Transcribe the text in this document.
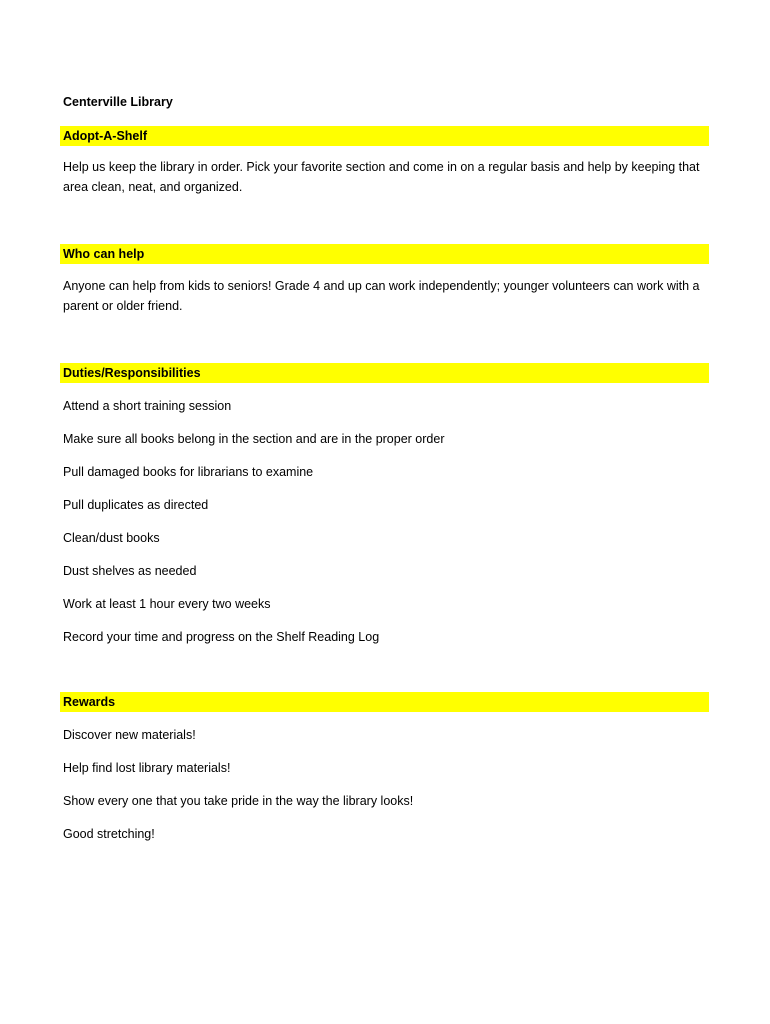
Centerville Library
Adopt-A-Shelf
Help us keep the library in order. Pick your favorite section and come in on a regular basis and help by keeping that area clean, neat, and organized.
Who can help
Anyone can help from kids to seniors! Grade 4 and up can work independently; younger volunteers can work with a parent or older friend.
Duties/Responsibilities
Attend a short training session
Make sure all books belong in the section and are in the proper order
Pull damaged books for librarians to examine
Pull duplicates as directed
Clean/dust books
Dust shelves as needed
Work at least 1 hour every two weeks
Record your time and progress on the Shelf Reading Log
Rewards
Discover new materials!
Help find lost library materials!
Show every one that you take pride in the way the library looks!
Good stretching!
